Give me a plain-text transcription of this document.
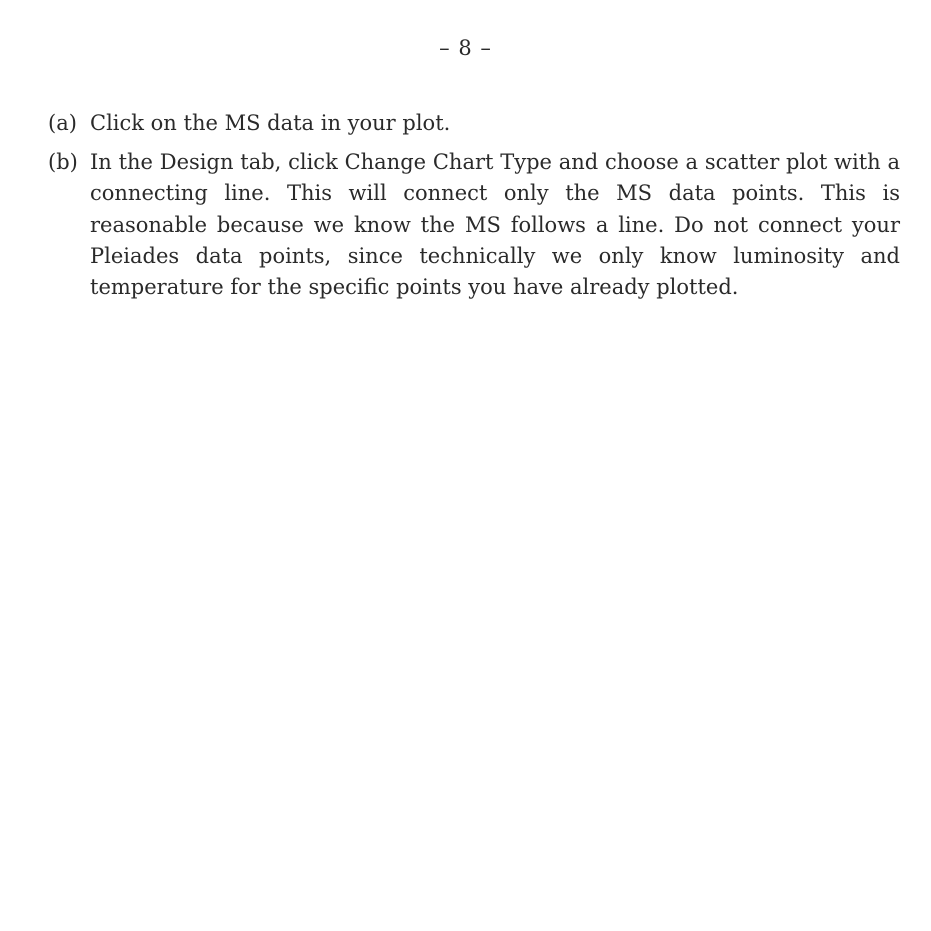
– 8 –
(a) Click on the MS data in your plot.
(b) In the Design tab, click Change Chart Type and choose a scatter plot with a connecting line. This will connect only the MS data points. This is reasonable because we know the MS follows a line. Do not connect your Pleiades data points, since technically we only know luminosity and temperature for the specific points you have already plotted.
